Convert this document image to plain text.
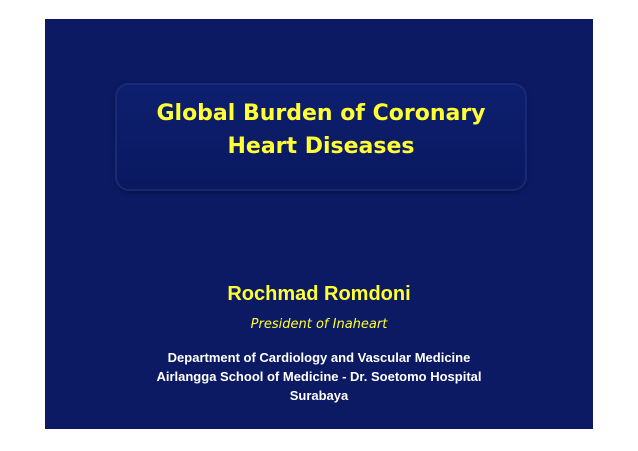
Global Burden of Coronary
Heart Diseases
Rochmad Romdoni
President of Inaheart
Department of Cardiology and Vascular Medicine
Airlangga School of Medicine - Dr. Soetomo Hospital
Surabaya
